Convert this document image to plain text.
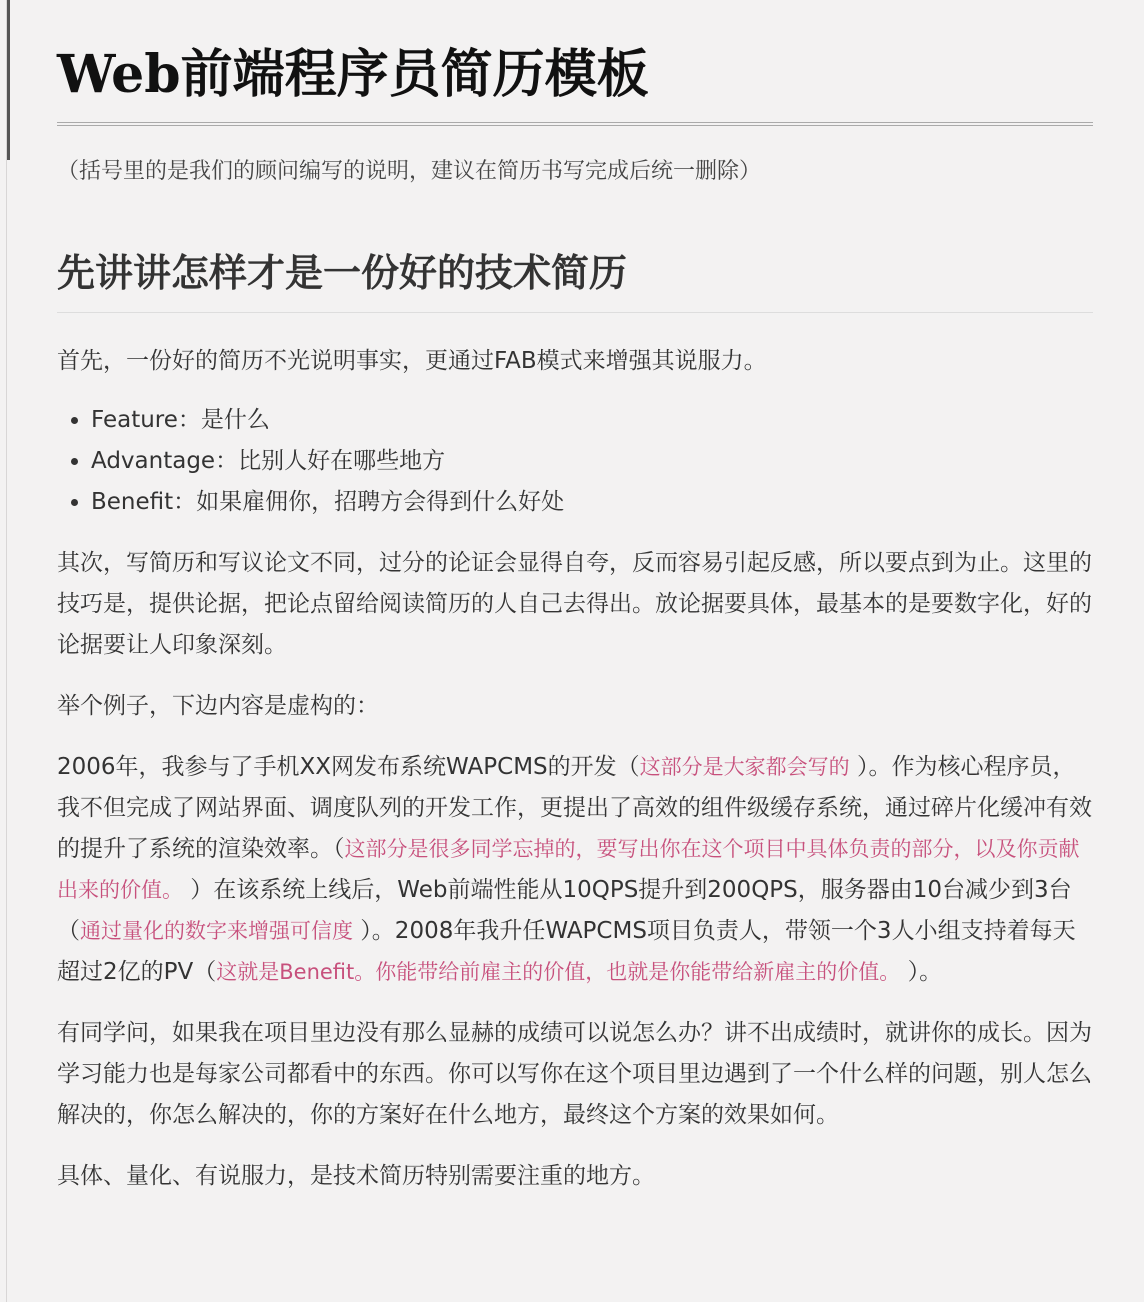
Web前端程序员简历模板
（括号里的是我们的顾问编写的说明，建议在简历书写完成后统一删除）
先讲讲怎样才是一份好的技术简历

首先，一份好的简历不光说明事实，更通过FAB模式来增强其说服力。

• Feature：是什么
• Advantage：比别人好在哪些地方
• Benefit：如果雇佣你，招聘方会得到什么好处

其次，写简历和写议论文不同，过分的论证会显得自夸，反而容易引起反感，所以要点到为止。这里的技巧是，提供论据，把论点留给阅读简历的人自己去得出。放论据要具体，最基本的是要数字化，好的论据要让人印象深刻。

举个例子，下边内容是虚构的：

2006年，我参与了手机XX网发布系统WAPCMS的开发（这部分是大家都会写的 ）。作为核心程序员，我不但完成了网站界面、调度队列的开发工作，更提出了高效的组件级缓存系统，通过碎片化缓冲有效的提升了系统的渲染效率。（这部分是很多同学忘掉的，要写出你在这个项目中具体负责的部分，以及你贡献出来的价值。 ）在该系统上线后，Web前端性能从10QPS提升到200QPS，服务器由10台减少到3台（通过量化的数字来增强可信度 ）。2008年我升任WAPCMS项目负责人，带领一个3人小组支持着每天超过2亿的PV（这就是Benefit。你能带给前雇主的价值，也就是你能带给新雇主的价值。 ）。

有同学问，如果我在项目里边没有那么显赫的成绩可以说怎么办？讲不出成绩时，就讲你的成长。因为学习能力也是每家公司都看中的东西。你可以写你在这个项目里边遇到了一个什么样的问题，别人怎么解决的，你怎么解决的，你的方案好在什么地方，最终这个方案的效果如何。

具体、量化、有说服力，是技术简历特别需要注重的地方。
